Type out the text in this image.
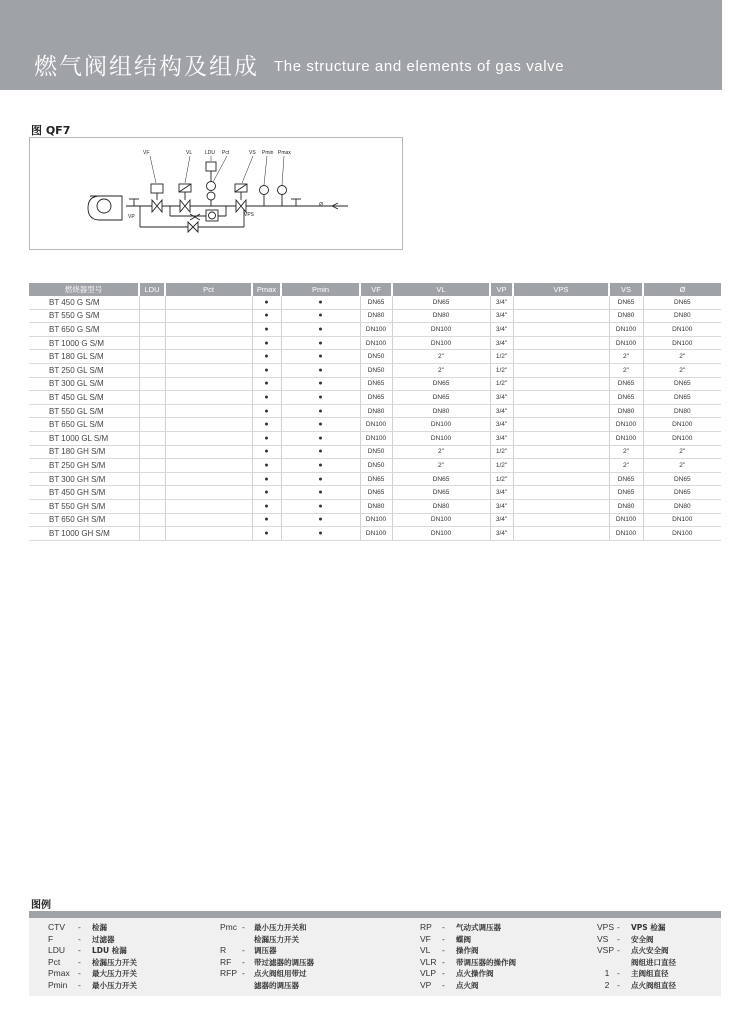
燃气阀组结构及组成 The structure and elements of gas valve
图 QF7
VF	VL	LDU Pct	VS Pmin Pmax
VP	VPS
Ø
燃烧器型号	LDU	Pct	Pmax	Pmin	VF	VL	VP	VPS	VS	Ø
BT 450 G S/M			●	●	DN65	DN65	3/4"		DN65	DN65
BT 550 G S/M			●	●	DN80	DN80	3/4"		DN80	DN80
BT 650 G S/M			●	●	DN100	DN100	3/4"		DN100	DN100
BT 1000 G S/M			●	●	DN100	DN100	3/4"		DN100	DN100
BT 180 GL S/M			●	●	DN50	2"	1/2"		2"	2"
BT 250 GL S/M			●	●	DN50	2"	1/2"		2"	2"
BT 300 GL S/M			●	●	DN65	DN65	1/2"		DN65	DN65
BT 450 GL S/M			●	●	DN65	DN65	3/4"		DN65	DN65
BT 550 GL S/M			●	●	DN80	DN80	3/4"		DN80	DN80
BT 650 GL S/M			●	●	DN100	DN100	3/4"		DN100	DN100
BT 1000 GL S/M			●	●	DN100	DN100	3/4"		DN100	DN100
BT 180 GH S/M			●	●	DN50	2"	1/2"		2"	2"
BT 250 GH S/M			●	●	DN50	2"	1/2"		2"	2"
BT 300 GH S/M			●	●	DN65	DN65	1/2"		DN65	DN65
BT 450 GH S/M			●	●	DN65	DN65	3/4"		DN65	DN65
BT 550 GH S/M			●	●	DN80	DN80	3/4"		DN80	DN80
BT 650 GH S/M			●	●	DN100	DN100	3/4"		DN100	DN100
BT 1000 GH S/M			●	●	DN100	DN100	3/4"		DN100	DN100
图例
CTV	-	检漏
F	-	过滤器
LDU	-	LDU 检漏
Pct	-	检漏压力开关
Pmax -	最大压力开关
Pmin	-	最小压力开关
Pmc -	最小压力开关和
检漏压力开关
R	-	调压器
RF	-	带过滤器的调压器
RFP -	点火阀组用带过
滤器的调压器
RP	-	气动式调压器
VF	-	蝶阀
VL	-	操作阀
VLR -	带调压器的操作阀
VLP -	点火操作阀
VP	-	点火阀
VPS -	VPS 检漏
VS	-	安全阀
VSP -	点火安全阀
阀组进口直径
1 -	主阀组直径
2 -	点火阀组直径
